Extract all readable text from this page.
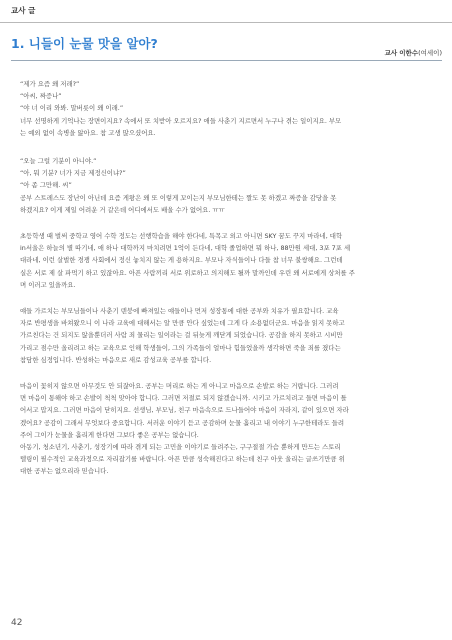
교사 글
1. 니들이 눈물 맛을 알아?
교사 이한수(여세이)

“제가 요즘 왜 저래?”

“아씨, 짜증나”

“야 너 이리 와봐. 말버릇이 왜 이래.”

너무 선명하게 기억나는 장면이지요? 속에서 또 치받아 오르지요? 애들 사춘기 지르면서 누구나 겪는 일이지요. 부모

는 예외 없이 속병을 앓아요. 참 고생 많으셨어요.

“오늘 그럴 기분이 아니야.”

“아, 뭐 기분? 너가 지금 제정신이냐?”

“아 좀 그만해. 씨”

공부 스트레스도 장난이 아닌데 요즘 게왕은 왜 또 이렇게 꼬이는지 부모님한테는 짤도 못 하겠고 짜증을 감당을 못

하겠지요? 이게 제일 어려운 거 같은데 어디에서도 배울 수가 없어요. ㅠㅠ

초등학생 때 벌써 중학교 영어 수학 정도는 선행학습을 해야 한다네, 특목고 외고 아니면 SKY 꿈도 꾸지 마라네, 대학

in서울은 하늘의 별 따기네, 애 하나 대학까지 마치려면 1억이 든다네, 대학 졸업하면 뭐 하나, 88만원 세대, 3포 7포 세

대라네, 이런 살벌한 경쟁 사회에서 정신 놓치지 않는 게 용하지요. 부모나 자식들이나 다들 참 너무 불쌍해요. 그런데

실은 서로 제 살 파먹기 하고 있잖아요. 아픈 사람끼리 서로 위로하고 의지해도 될까 말까인데 우린 왜 서로에게 상처를 주

며 이러고 있을까요.

얘들 가르치는 부모님들이나 사춘기 덴붕에 빠져있는 얘들이나 먼저 성장통에 대한 공부와 치유가 필요합니다. 교육

자로 반평생을 바쳐왔으니 이 나라 교육에 대해서는 알 만큼 안다 싶었는데 그게 다 소용없더군요. 마음을 읽지 못하고

가르친다는 건 되지도 않을뿐더러 사람 죄 물리는 일이라는 걸 뒤늦게 깨닫게 되었습니다. 공감을 하지 못하고 시비만

가리고 점수만 올리려고 하는 교육으로 인해 학생들이, 그의 가족들이 얼마나 힘들었을까 생각하면 죽을 죄를 졌다는

참담한 심정입니다. 반성하는 마음으로 새로 감성교육 공부를 합니다.

마음이 꽃히지 않으면 아무것도 안 되잖아요. 공부는 머리로 하는 게 아니고 마음으로 손발로 하는 거랍니다. 그러려

면 마음이 통해야 하고 손발이 척척 맞아야 합니다. 그러면 저절로 되지 않겠습니까. 시키고 가르치려고 들면 마음이 틀

어서고 맙지요. 그러면 마음이 닫히지요. 선생님, 부모님, 친구 마음속으로 드나들어야 마음이 자라지, 같이 있으면 자라

겠어요? 공감이 그래서 무엇보다 중요합니다. 서러운 이야기 듣고 공감하며 눈물 흘리고 내 이야기 누구한테라도 들려

주어 그이가 눈물을 흘리게 한다면 그보다 좋은 공부는 없습니다.

아동기, 청소년기, 사춘기, 성장기에 따라 겪게 되는 고민을 이야기로 들려주는, 구구절절 가슴 뿐하게 만드는 스토리

텔링이 필수적인 교육과정으로 자리잡기를 바랍니다. 아픈 만큼 성숙해진다고 하는데 친구 아웃 울리는 글쓰기만큼 위

대한 공부는 없으리라 믿습니다.

42
